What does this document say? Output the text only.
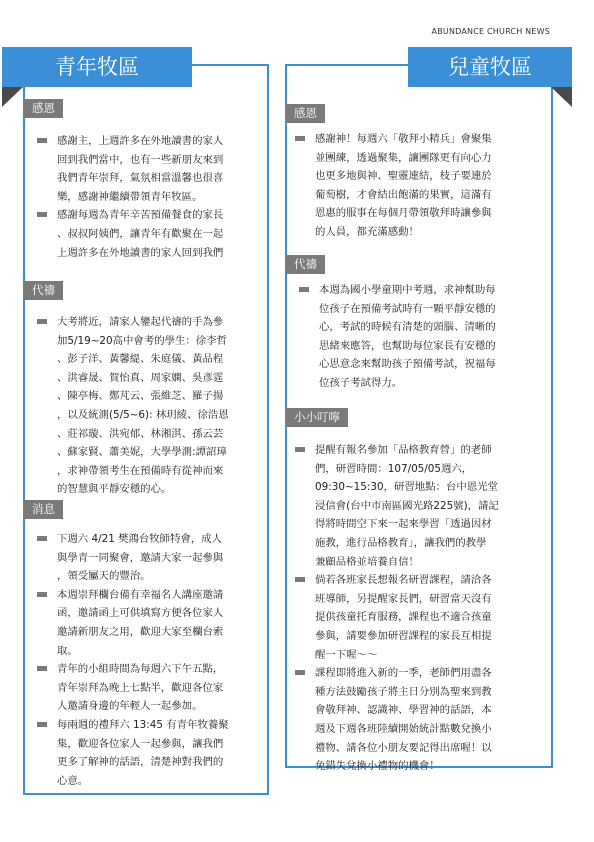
ABUNDANCE CHURCH NEWS
青年牧區	兒童牧區
感恩
感謝主，上週許多在外地讀書的家人
回到我們當中，也有一些新朋友來到
我們青年崇拜，氣氛相當溫馨也很喜
樂，感謝神繼續帶領青年牧區。
感謝每週為青年辛苦預備餐食的家長
、叔叔阿姨們，讓青年有歡聚在一起
上週許多在外地讀書的家人回到我們
代禱
大考將近，請家人鑾起代禱的手為參
加5/19~20高中會考的學生：徐李哲
、彭子洋、黃馨緹、朱庭儀、黃品程
、洪睿晟、賀怡真、周家嫻、吳彥霆
、陳亭梅、鄭芃云、張維芝、羅子揚
，以及統測(5/5~6): 林玥綾、徐浩恩
、莊祁璇、洪宛郁、林湘淇、孫云芸
、蘇家賢、蕭美妮，大學學測:譚詔璋
，求神帶領考生在預備時有從神而來
的智慧與平靜安穩的心。
消息
下週六 4/21 樊鴻台牧師特會，成人
與學青一同聚會，邀請大家一起參與
，領受屬天的豐治。
本週崇拜欄台備有幸福名人講座邀請
函，邀請函上可供填寫方便各位家人
邀請新朋友之用，歡迎大家至欄台索
取。
青年的小組時間為每週六下午五點，
青年崇拜為晚上七點半，歡迎各位家
人邀請身邊的年輕人一起參加。
每兩週的禮拜六 13:45 有青年牧養聚
集，歡迎各位家人一起參與，讓我們
更多了解神的話語，清楚神對我們的
心意。
感恩
感謝神！每週六「敬拜小精兵」會聚集
並團練，透過聚集，讓團隊更有向心力
也更多地與神、聖靈連結，枝子要連於
葡萄樹，才會結出飽滿的果實，這滿有
恩惠的服事在每個月帶領敬拜時讓參與
的人員，都充滿感動！
代禱
本週為國小學童期中考週，求神幫助每
位孩子在預備考試時有一顆平靜安穩的
心，考試的時候有清楚的頭腦、清晰的
思緒來應答，也幫助每位家長有安穩的
心思意念來幫助孩子預備考試，祝福每
位孩子考試得力。
小小叮嚀
提醒有報名參加「品格教育營」的老師
們，研習時間：107/05/05週六，
09:30~15:30，研習地點：台中恩光堂
浸信會(台中市南區國光路225號)，請記
得將時間空下來一起來學習「透過因材
施教，進行品格教育」，讓我們的教學
兼顧品格並培養自信！
倘若各班家長想報名研習課程，請洽各
班導師，另提醒家長們，研習當天沒有
提供孩童托育服務，課程也不適合孩童
參與，請要參加研習課程的家長互相提
醒一下喔～～
課程即將進入新的一季，老師們用盡各
種方法鼓勵孩子將主日分別為聖來到教
會敬拜神、認識神、學習神的話語，本
週及下週各班陸續開始統計點數兌換小
禮物、請各位小朋友要記得出席喔！以
免錯失兌換小禮物的機會！
